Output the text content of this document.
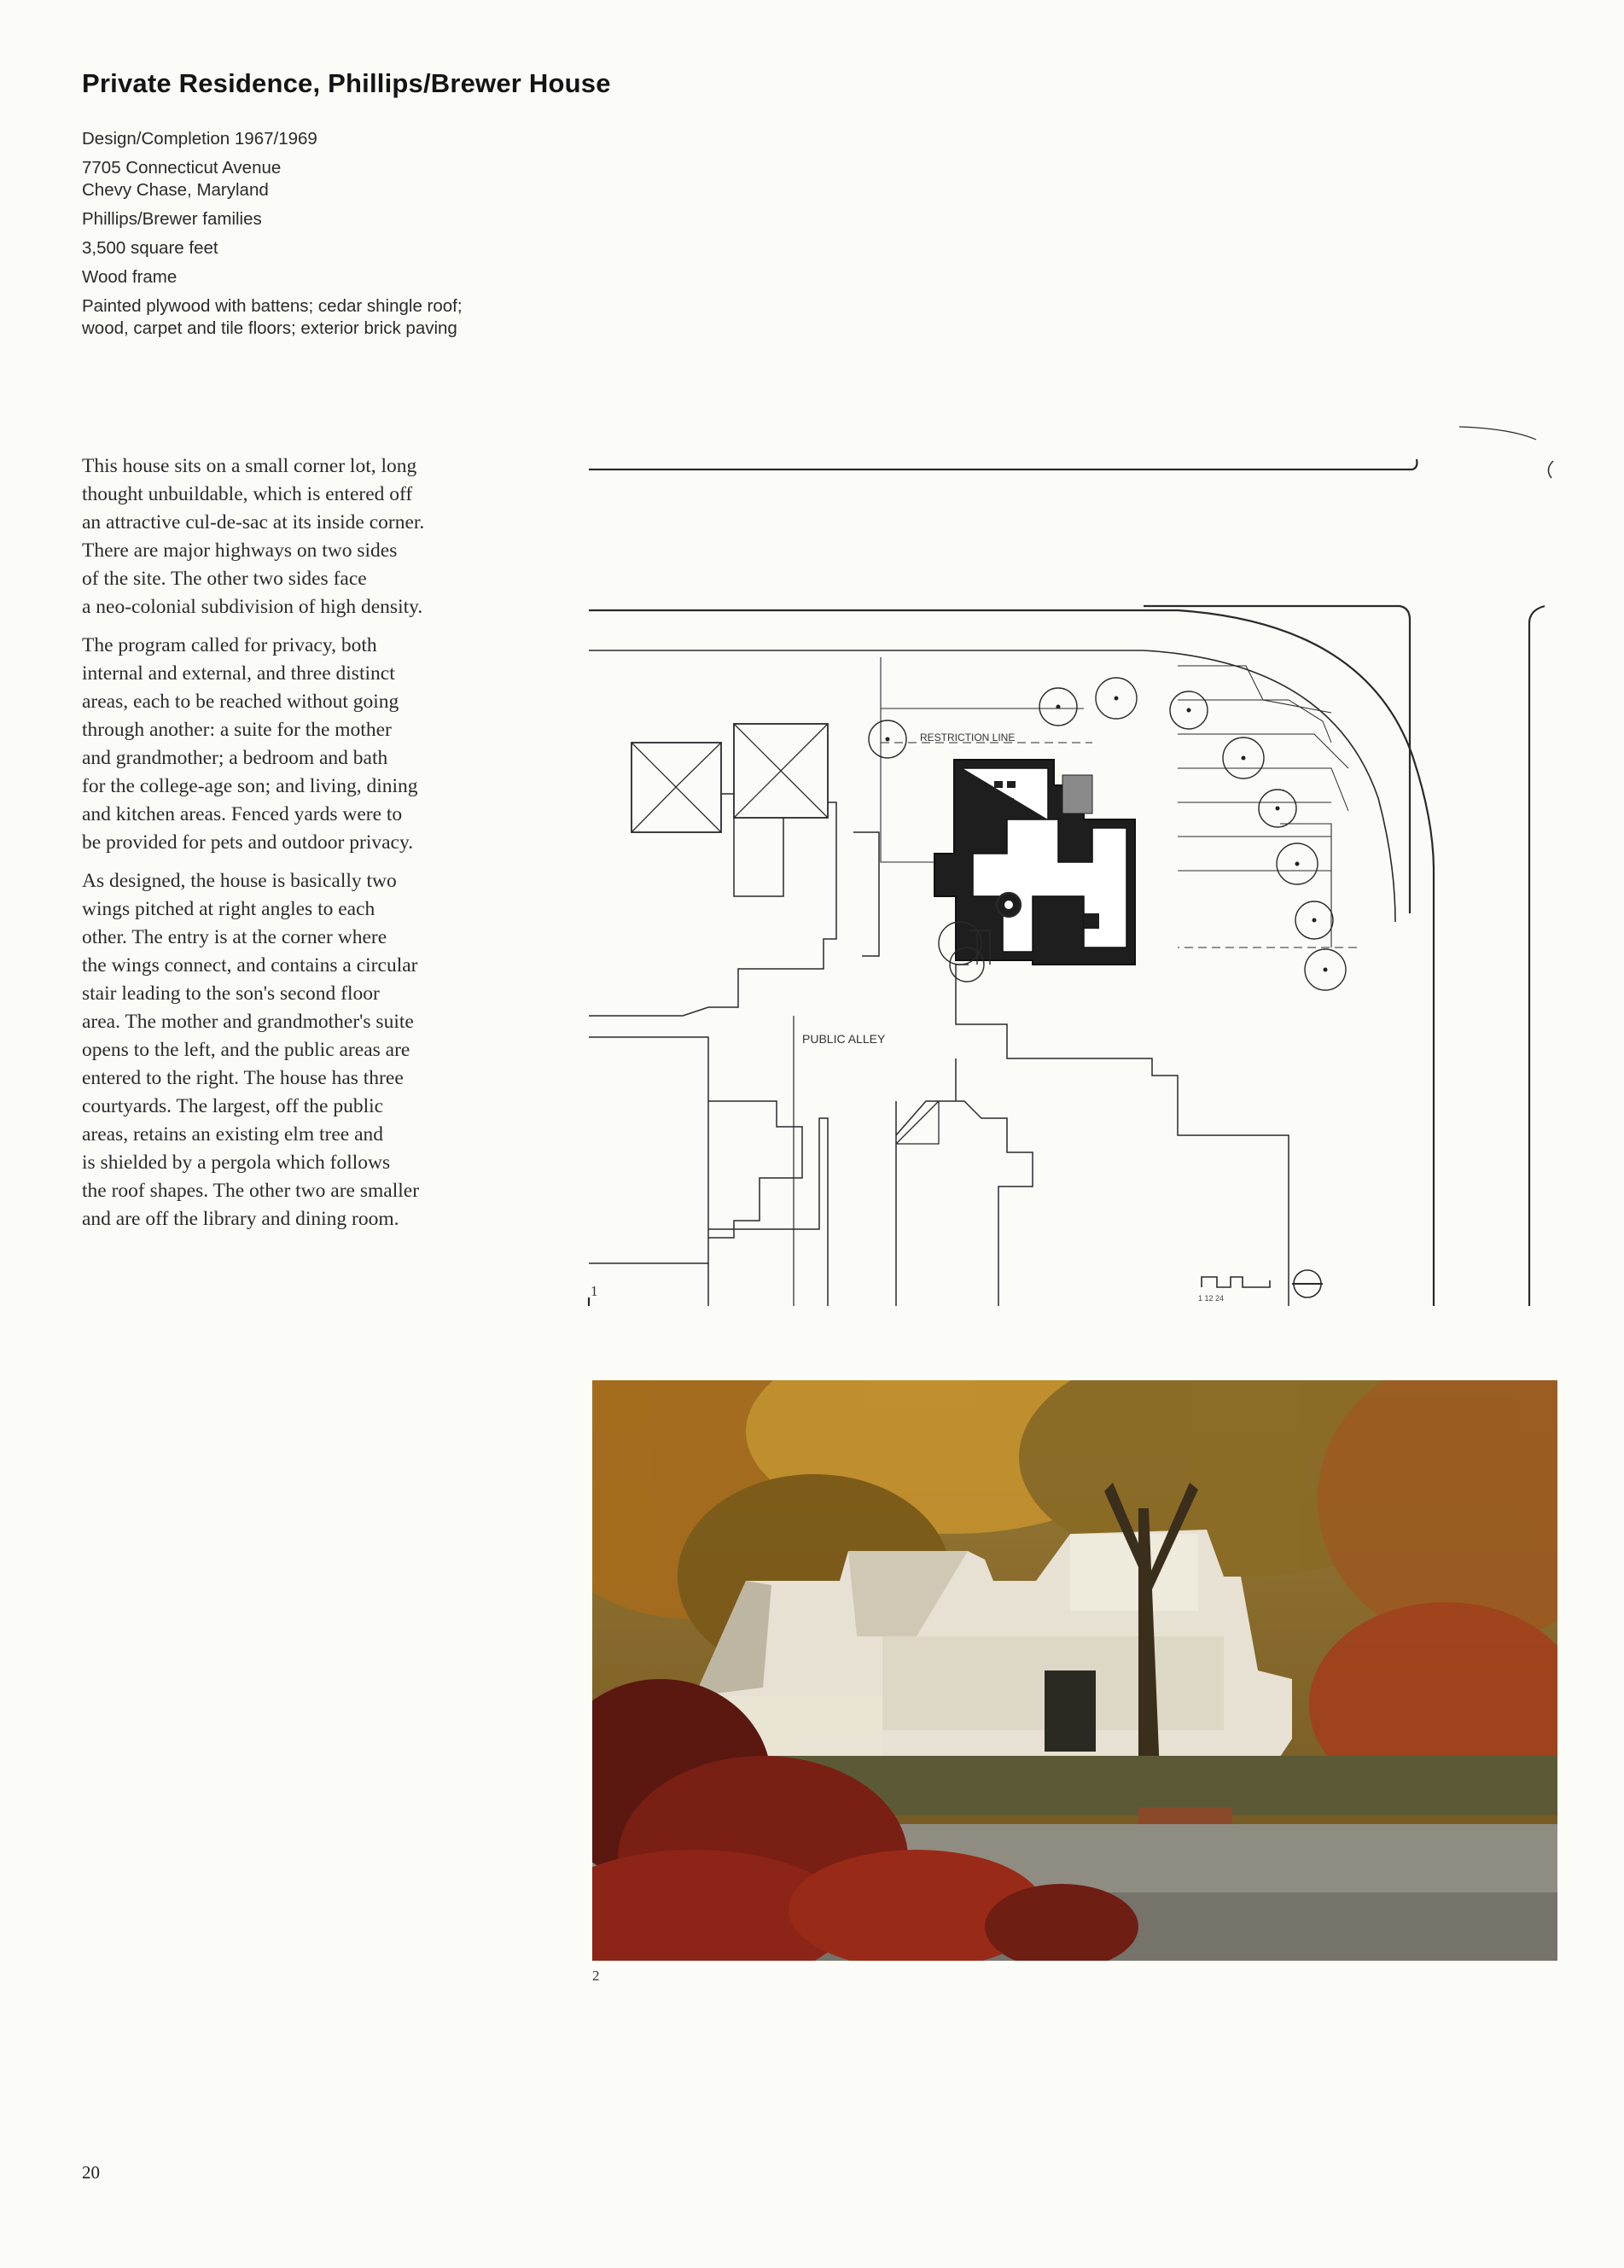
Private Residence, Phillips/Brewer House
Design/Completion 1967/1969
7705 Connecticut Avenue
Chevy Chase, Maryland
Phillips/Brewer families
3,500 square feet
Wood frame
Painted plywood with battens; cedar shingle roof;
wood, carpet and tile floors; exterior brick paving

This house sits on a small corner lot, long
thought unbuildable, which is entered off
an attractive cul-de-sac at its inside corner.
There are major highways on two sides
of the site. The other two sides face
a neo-colonial subdivision of high density.

The program called for privacy, both
internal and external, and three distinct
areas, each to be reached without going
through another: a suite for the mother
and grandmother; a bedroom and bath
for the college-age son; and living, dining
and kitchen areas. Fenced yards were to
be provided for pets and outdoor privacy.

As designed, the house is basically two
wings pitched at right angles to each
other. The entry is at the corner where
the wings connect, and contains a circular
stair leading to the son's second floor
area. The mother and grandmother's suite
opens to the left, and the public areas are
entered to the right. The house has three
courtyards. The largest, off the public
areas, retains an existing elm tree and
is shielded by a pergola which follows
the roof shapes. The other two are smaller
and are off the library and dining room.

RESTRICTION LINE
PUBLIC ALLEY
1 12 24
1
2
20
